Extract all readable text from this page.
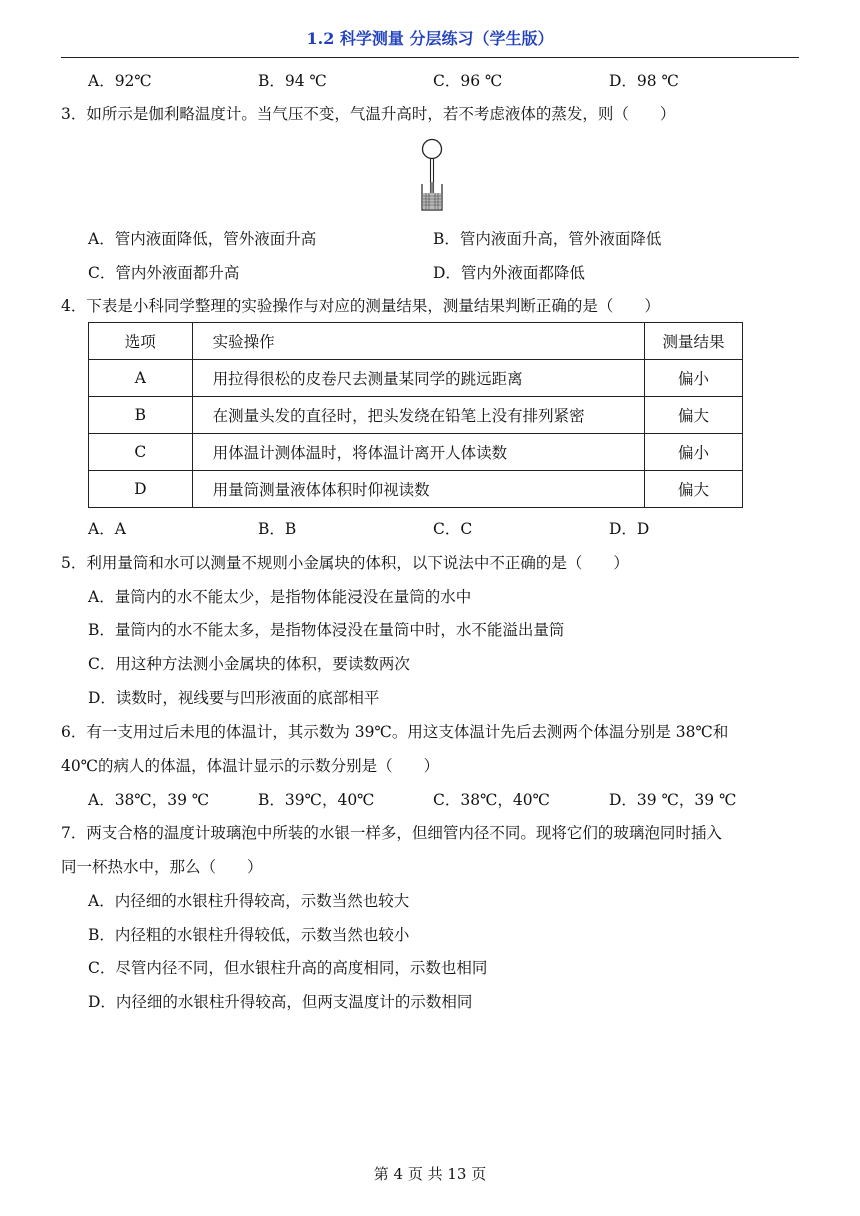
1.2 科学测量 分层练习（学生版）
A．92℃	B．94 ℃	C．96 ℃	D．98 ℃
3．如所示是伽利略温度计。当气压不变，气温升高时，若不考虑液体的蒸发，则（　　）
A．管内液面降低，管外液面升高	B．管内液面升高，管外液面降低
C．管内外液面都升高	D．管内外液面都降低
4．下表是小科同学整理的实验操作与对应的测量结果，测量结果判断正确的是（　　）
选项	实验操作	测量结果
A	用拉得很松的皮卷尺去测量某同学的跳远距离	偏小
B	在测量头发的直径时，把头发绕在铅笔上没有排列紧密	偏大
C	用体温计测体温时，将体温计离开人体读数	偏小
D	用量筒测量液体体积时仰视读数	偏大
A．A	B．B	C．C	D．D
5．利用量筒和水可以测量不规则小金属块的体积，以下说法中不正确的是（　　）
A．量筒内的水不能太少，是指物体能浸没在量筒的水中
B．量筒内的水不能太多，是指物体浸没在量筒中时，水不能溢出量筒
C．用这种方法测小金属块的体积，要读数两次
D．读数时，视线要与凹形液面的底部相平
6．有一支用过后未甩的体温计，其示数为 39℃。用这支体温计先后去测两个体温分别是 38℃和
40℃的病人的体温，体温计显示的示数分别是（　　）
A．38℃，39 ℃	B．39℃，40℃	C．38℃，40℃	D．39 ℃，39 ℃
7．两支合格的温度计玻璃泡中所装的水银一样多，但细管内径不同。现将它们的玻璃泡同时插入
同一杯热水中，那么（　　）
A．内径细的水银柱升得较高，示数当然也较大
B．内径粗的水银柱升得较低，示数当然也较小
C．尽管内径不同，但水银柱升高的高度相同，示数也相同
D．内径细的水银柱升得较高，但两支温度计的示数相同
第 4 页 共 13 页
